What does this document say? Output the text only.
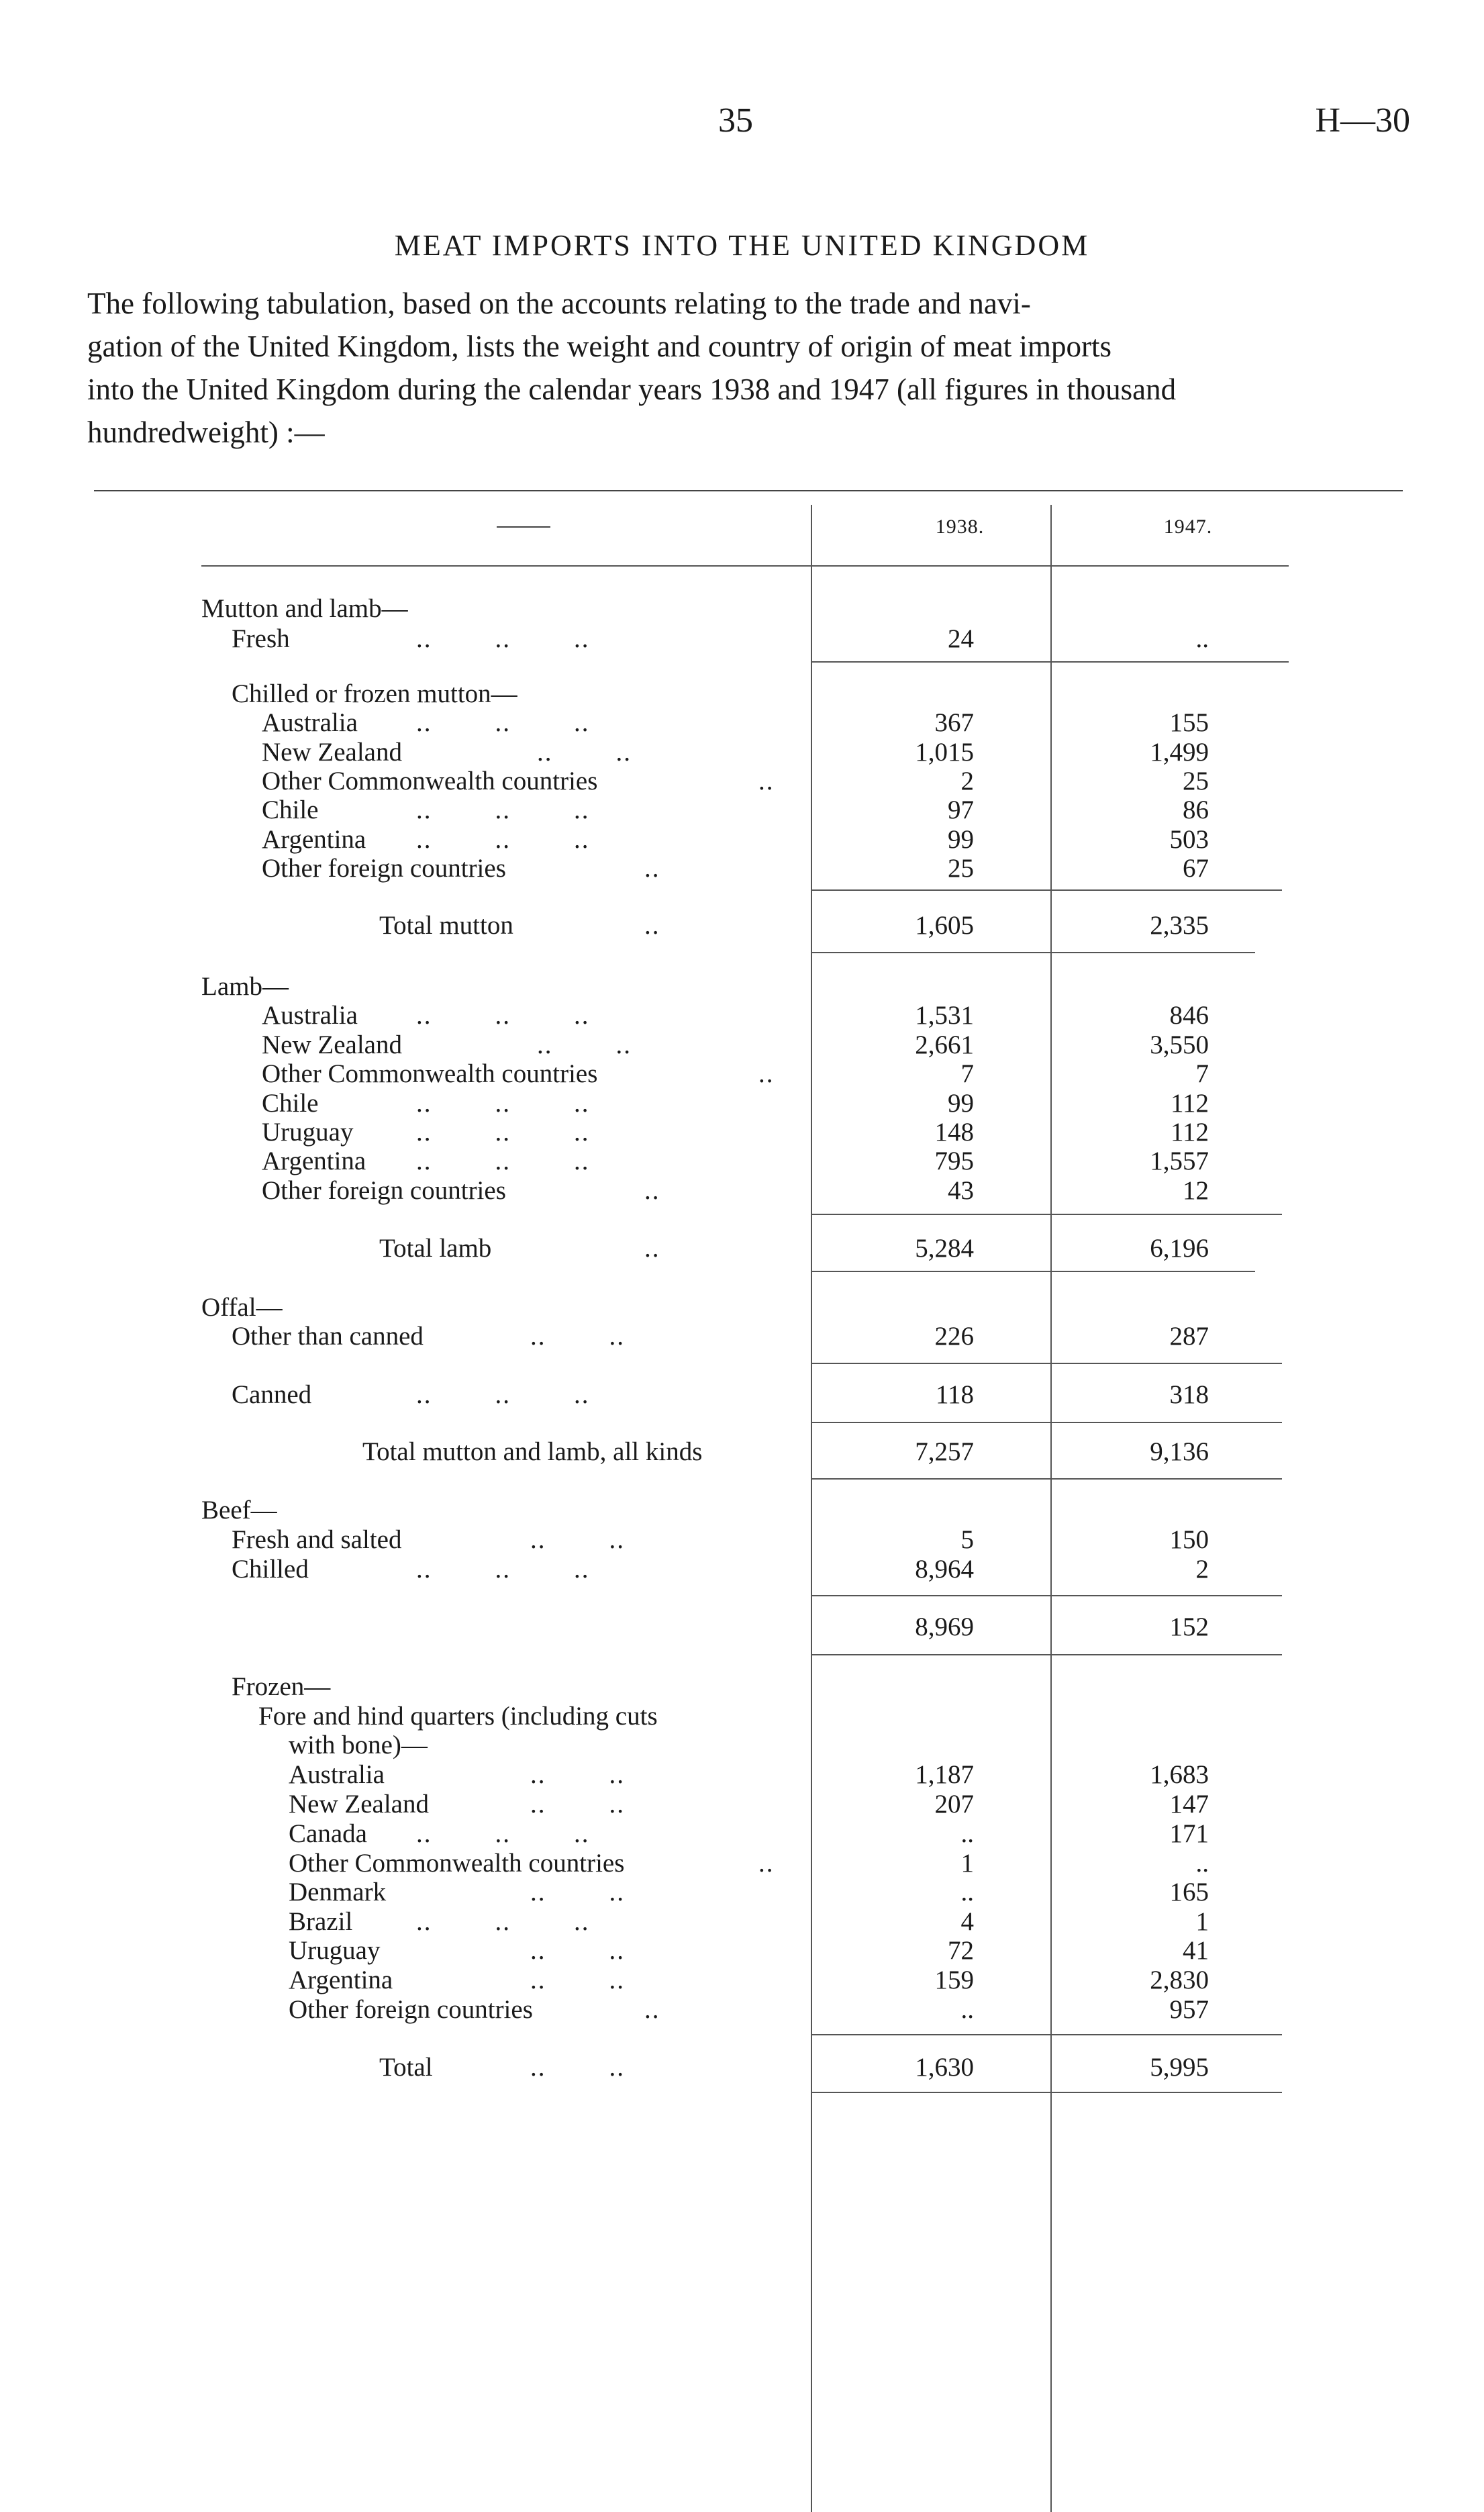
35	H—30
MEAT IMPORTS INTO THE UNITED KINGDOM
The following tabulation, based on the accounts relating to the trade and navi-
gation of the United Kingdom, lists the weight and country of origin of meat imports
into the United Kingdom during the calendar years 1938 and 1947 (all figures in thousand
hundredweight) :—
1938.	1947.
Mutton and lamb—
Fresh	..        ..        ..	24	..
Chilled or frozen mutton—
Australia ..        ..        ..	367	155
New Zealand	..        ..	1,015	1,499
Other Commonwealth countries	..	2	25
Chile	..        ..        ..	97	86
Argentina ..        ..        ..	99	503
Other foreign countries	..	25	67
Total mutton	..	1,605	2,335
Lamb—
Australia ..        ..        ..	1,531	846
New Zealand	..        ..	2,661	3,550
Other Commonwealth countries	..	7	7
Chile	..        ..        ..	99	112
Uruguay ..        ..        ..	148	112
Argentina ..        ..        ..	795	1,557
Other foreign countries	..	43	12
Total lamb	..	5,284	6,196
Offal—
Other than canned	..        ..	226	287
Canned	..        ..        ..	118	318
Total mutton and lamb, all kinds	7,257	9,136
Beef—
Fresh and salted	..        ..	5	150
Chilled	..        ..        ..	8,964	2
8,969	152
Frozen—
Fore and hind quarters (including cuts
with bone)—
Australia	..        ..	1,187	1,683
New Zealand	..        ..	207	147
Canada ..        ..        ..	..	171
Other Commonwealth countries	..	1	..
Denmark	..        ..	..	165
Brazil ..        ..        ..	4	1
Uruguay	..        ..	72	41
Argentina	..        ..	159	2,830
Other foreign countries	..	..	957
Total	..        ..	1,630	5,995
